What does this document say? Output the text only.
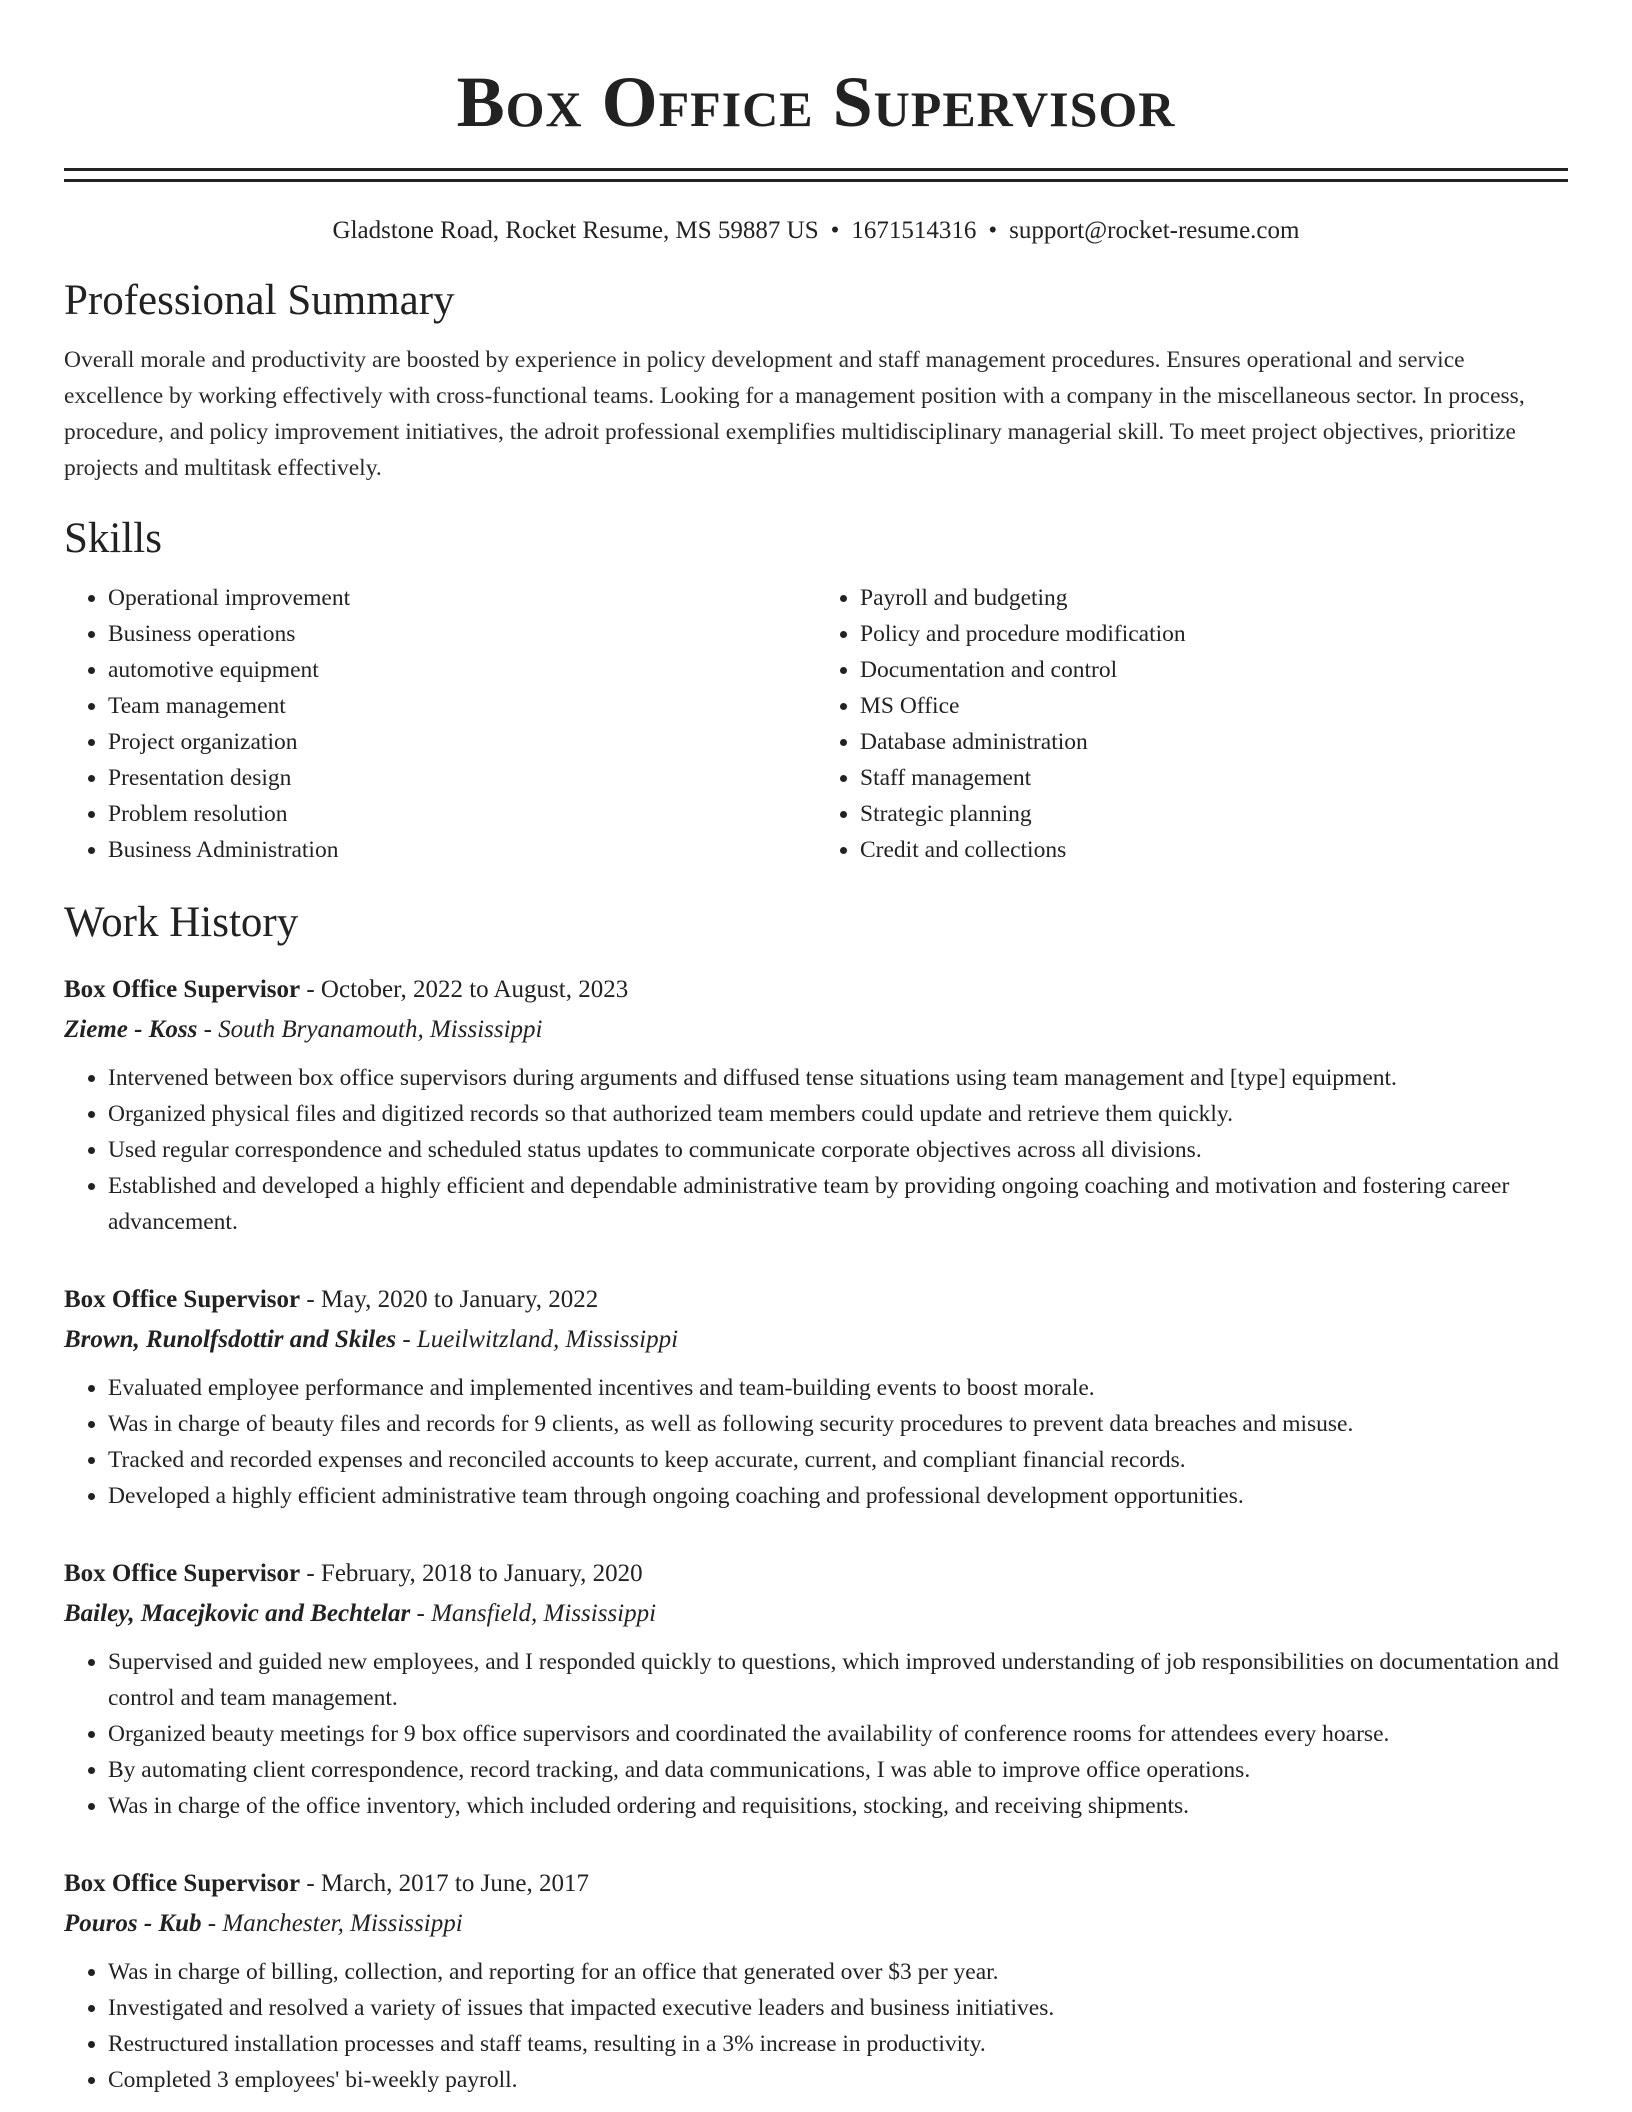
Box Office Supervisor
Gladstone Road, Rocket Resume, MS 59887 US • 1671514316 • support@rocket-resume.com
Professional Summary

Overall morale and productivity are boosted by experience in policy development and staff management procedures. Ensures operational and service excellence by working effectively with cross-functional teams. Looking for a management position with a company in the miscellaneous sector. In process, procedure, and policy improvement initiatives, the adroit professional exemplifies multidisciplinary managerial skill. To meet project objectives, prioritize projects and multitask effectively.

Skills
• Operational improvement
• Business operations
• automotive equipment
• Team management
• Project organization
• Presentation design
• Problem resolution
• Business Administration
• Payroll and budgeting
• Policy and procedure modification
• Documentation and control
• MS Office
• Database administration
• Staff management
• Strategic planning
• Credit and collections
Work History
Box Office Supervisor - October, 2022 to August, 2023
Zieme - Koss - South Bryanamouth, Mississippi
• Intervened between box office supervisors during arguments and diffused tense situations using team management and [type] equipment.
• Organized physical files and digitized records so that authorized team members could update and retrieve them quickly.
• Used regular correspondence and scheduled status updates to communicate corporate objectives across all divisions.
• Established and developed a highly efficient and dependable administrative team by providing ongoing coaching and motivation and fostering career advancement.
Box Office Supervisor - May, 2020 to January, 2022
Brown, Runolfsdottir and Skiles - Lueilwitzland, Mississippi
• Evaluated employee performance and implemented incentives and team-building events to boost morale.
• Was in charge of beauty files and records for 9 clients, as well as following security procedures to prevent data breaches and misuse.
• Tracked and recorded expenses and reconciled accounts to keep accurate, current, and compliant financial records.
• Developed a highly efficient administrative team through ongoing coaching and professional development opportunities.
Box Office Supervisor - February, 2018 to January, 2020
Bailey, Macejkovic and Bechtelar - Mansfield, Mississippi
• Supervised and guided new employees, and I responded quickly to questions, which improved understanding of job responsibilities on documentation and control and team management.
• Organized beauty meetings for 9 box office supervisors and coordinated the availability of conference rooms for attendees every hoarse.
• By automating client correspondence, record tracking, and data communications, I was able to improve office operations.
• Was in charge of the office inventory, which included ordering and requisitions, stocking, and receiving shipments.
Box Office Supervisor - March, 2017 to June, 2017
Pouros - Kub - Manchester, Mississippi
• Was in charge of billing, collection, and reporting for an office that generated over $3 per year.
• Investigated and resolved a variety of issues that impacted executive leaders and business initiatives.
• Restructured installation processes and staff teams, resulting in a 3% increase in productivity.
• Completed 3 employees' bi-weekly payroll.
